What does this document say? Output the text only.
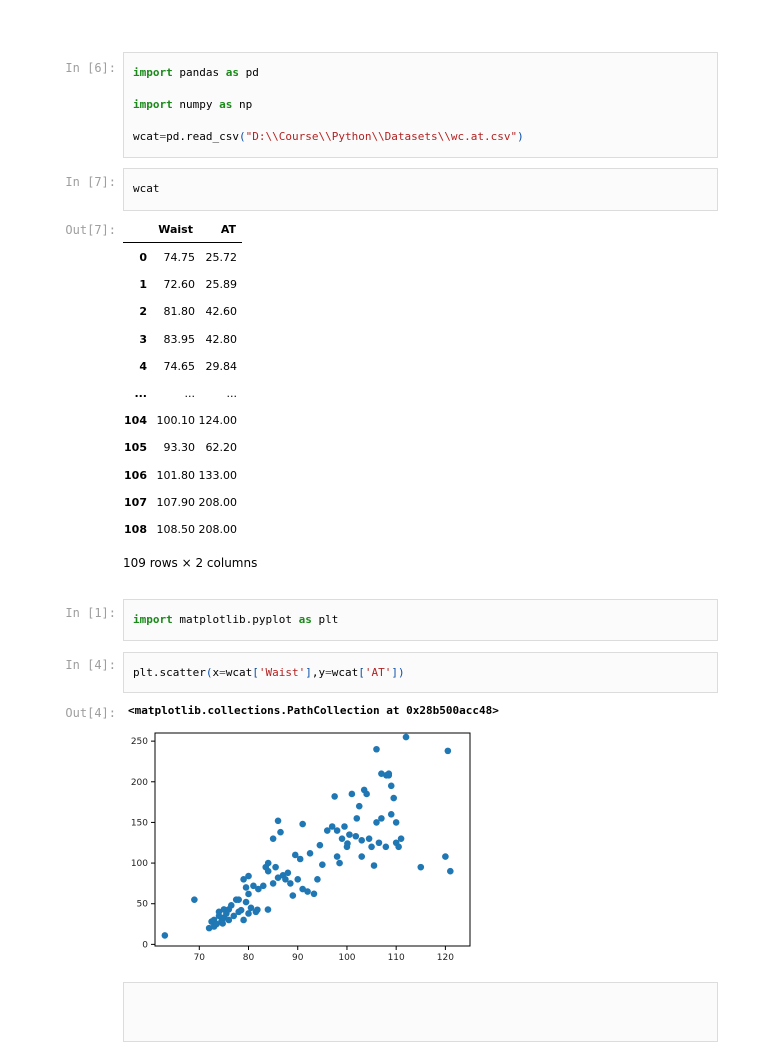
In [6]: import pandas as pd
import numpy as np
wcat=pd.read_csv("D:\\Course\\Python\\Datasets\\wc.at.csv")
In [7]: wcat
Out[7]:	Waist	AT
0 74.75 25.72
1 72.60 25.89
2 81.80 42.60
3 83.95 42.80
4 74.65 29.84
...	...	...
104 100.10 124.00
105 93.30 62.20
106 101.80 133.00
107 107.90 208.00
108 108.50 208.00
109 rows × 2 columns
In [1]: import matplotlib.pyplot as plt
In [4]:
plt.scatter(x=wcat['Waist'],y=wcat['AT'])
Out[4]: <matplotlib.collections.PathCollection at 0x28b500acc48>
70	80	90	100	110	120
0
50
100
150
200
250
